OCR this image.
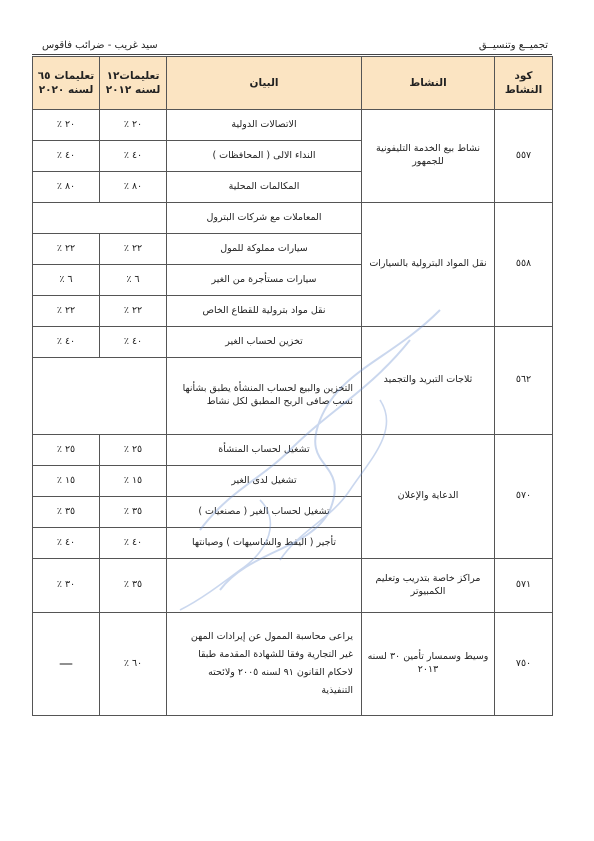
سيد غريب - ضرائب فاقوس	تجميــع وتنسيــق
كود النشاط	النشاط	البيان	تعليمات١٢ لسنه ٢٠١٢	تعليمات ٦٥ لسنه ٢٠٢٠
٥٥٧	نشاط بيع الخدمة التليفونية للجمهور	الاتصالات الدولية	٢٠ ٪	٢٠ ٪
		النداء الالى ( المحافظات )	٤٠ ٪	٤٠ ٪
		المكالمات المحلية	٨٠ ٪	٨٠ ٪
٥٥٨	نقل المواد البترولية بالسيارات	المعاملات مع شركات البترول		
		سيارات مملوكة للمول	٢٢ ٪	٢٢ ٪
		سيارات مستأجرة من الغير	٦ ٪	٦ ٪
		نقل مواد بترولية للقطاع الخاص	٢٢ ٪	٢٢ ٪
٥٦٢	ثلاجات التبريد والتجميد	تخزين لحساب الغير	٤٠ ٪	٤٠ ٪
		التخزين والبيع لحساب المنشأة يطبق بشأنها نسب صافى الربح المطبق لكل نشاط		
٥٧٠	الدعاية والإعلان	تشغيل لحساب المنشأة	٢٥ ٪	٢٥ ٪
		تشغيل لدى الغير	١٥ ٪	١٥ ٪
		تشغيل لحساب الغير ( مصنعيات )	٣٥ ٪	٣٥ ٪
		تأجير ( اليفط والشاسيهات ) وصيانتها	٤٠ ٪	٤٠ ٪
٥٧١	مراكز خاصة بتدريب وتعليم الكمبيوتر		٣٥ ٪	٣٠ ٪
٧٥٠	وسيط وسمسار تأمين ٣٠ لسنه ٢٠١٣	يراعى محاسبة الممول عن إيرادات المهن غير التجارية وفقا للشهادة المقدمة طبقا لاحكام القانون ٩١ لسنه ٢٠٠٥ ولائحته التنفيذية	٦٠ ٪	—
